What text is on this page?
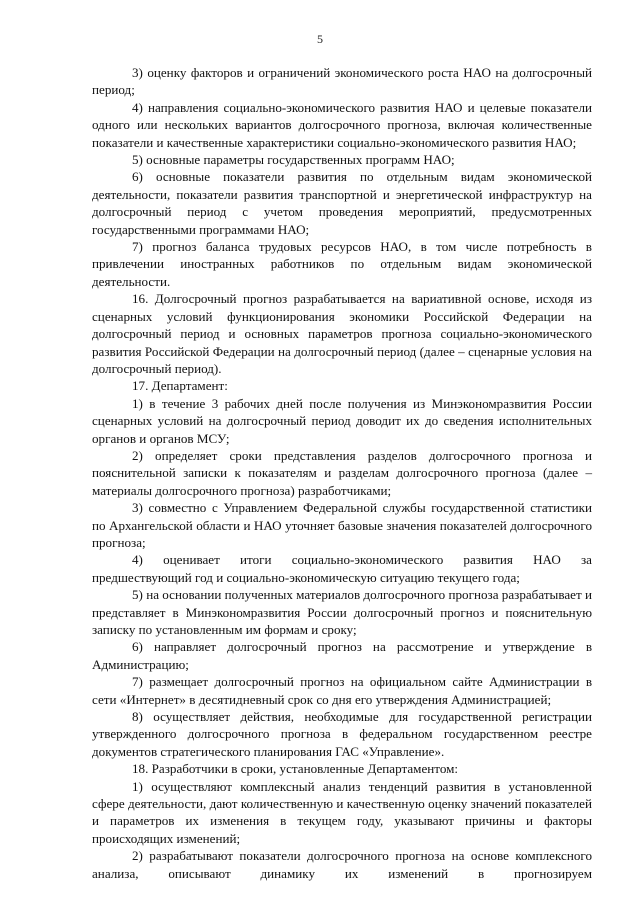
5

3) оценку факторов и ограничений экономического роста НАО на долгосрочный период;

4) направления социально-экономического развития НАО и целевые показатели одного или нескольких вариантов долгосрочного прогноза, включая количественные показатели и качественные характеристики социально-экономического развития НАО;

5) основные параметры государственных программ НАО;

6) основные показатели развития по отдельным видам экономической деятельности, показатели развития транспортной и энергетической инфраструктур на долгосрочный период с учетом проведения мероприятий, предусмотренных государственными программами НАО;

7) прогноз баланса трудовых ресурсов НАО, в том числе потребность в привлечении иностранных работников по отдельным видам экономической деятельности.

16. Долгосрочный прогноз разрабатывается на вариативной основе, исходя из сценарных условий функционирования экономики Российской Федерации на долгосрочный период и основных параметров прогноза социально-экономического развития Российской Федерации на долгосрочный период (далее – сценарные условия на долгосрочный период).

17. Департамент:

1) в течение 3 рабочих дней после получения из Минэкономразвития России сценарных условий на долгосрочный период доводит их до сведения исполнительных органов и органов МСУ;

2) определяет сроки представления разделов долгосрочного прогноза и пояснительной записки к показателям и разделам долгосрочного прогноза (далее – материалы долгосрочного прогноза) разработчиками;

3) совместно с Управлением Федеральной службы государственной статистики по Архангельской области и НАО уточняет базовые значения показателей долгосрочного прогноза;

4) оценивает итоги социально-экономического развития НАО за предшествующий год и социально-экономическую ситуацию текущего года;

5) на основании полученных материалов долгосрочного прогноза разрабатывает и представляет в Минэкономразвития России долгосрочный прогноз и пояснительную записку по установленным им формам и сроку;

6) направляет долгосрочный прогноз на рассмотрение и утверждение в Администрацию;

7) размещает долгосрочный прогноз на официальном сайте Администрации в сети «Интернет» в десятидневный срок со дня его утверждения Администрацией;

8) осуществляет действия, необходимые для государственной регистрации утвержденного долгосрочного прогноза в федеральном государственном реестре документов стратегического планирования ГАС «Управление».

18. Разработчики в сроки, установленные Департаментом:

1) осуществляют комплексный анализ тенденций развития в установленной сфере деятельности, дают количественную и качественную оценку значений показателей и параметров их изменения в текущем году, указывают причины и факторы происходящих изменений;

2) разрабатывают показатели долгосрочного прогноза на основе комплексного анализа, описывают динамику их изменений в прогнозируем
